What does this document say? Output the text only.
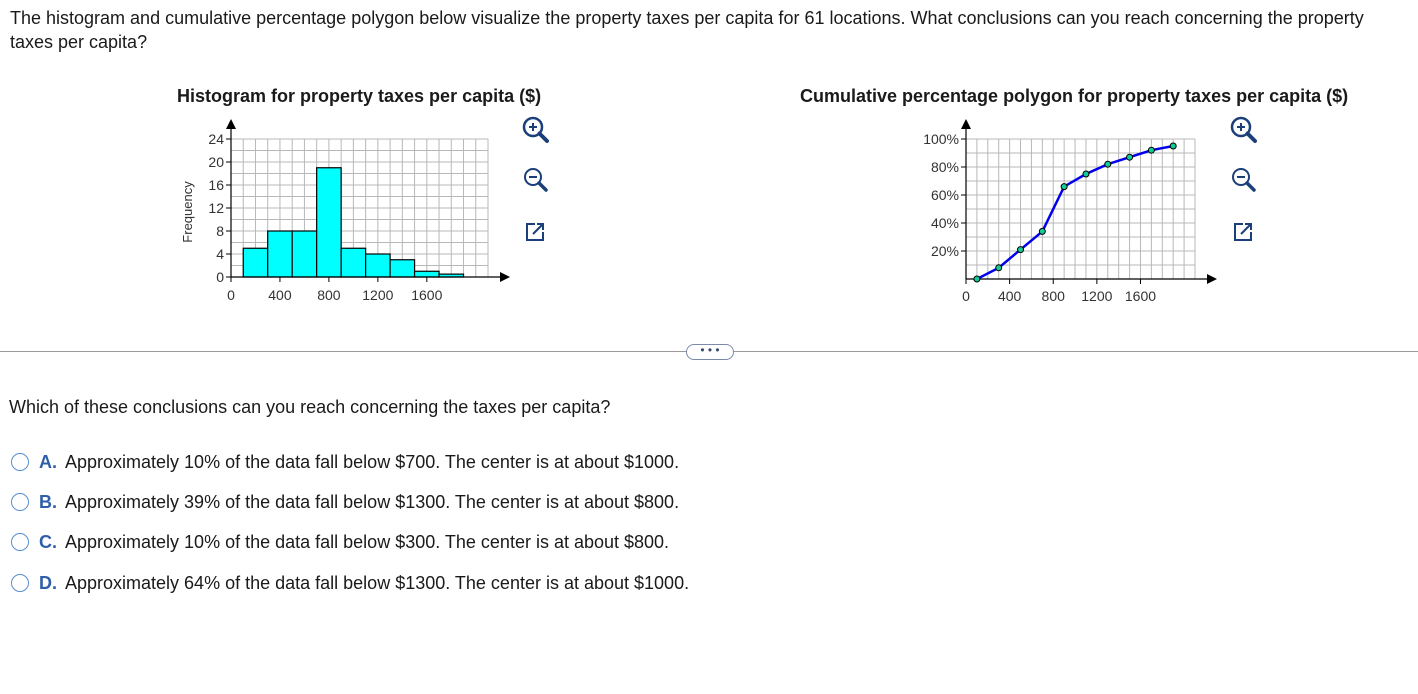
The histogram and cumulative percentage polygon below visualize the property taxes per capita for 61 locations. What conclusions can you reach concerning the property taxes per capita?
Histogram for property taxes per capita ($)	Cumulative percentage polygon for property taxes per capita ($)
24
20
16
12
8
4
0
0 400 800 1200 1600
Frequency
100%
80%
60%
40%
20%
0 400 800 1200 1600
• • •
Which of these conclusions can you reach concerning the taxes per capita?
A. Approximately 10% of the data fall below $700. The center is at about $1000.
B. Approximately 39% of the data fall below $1300. The center is at about $800.
C. Approximately 10% of the data fall below $300. The center is at about $800.
D. Approximately 64% of the data fall below $1300. The center is at about $1000.
